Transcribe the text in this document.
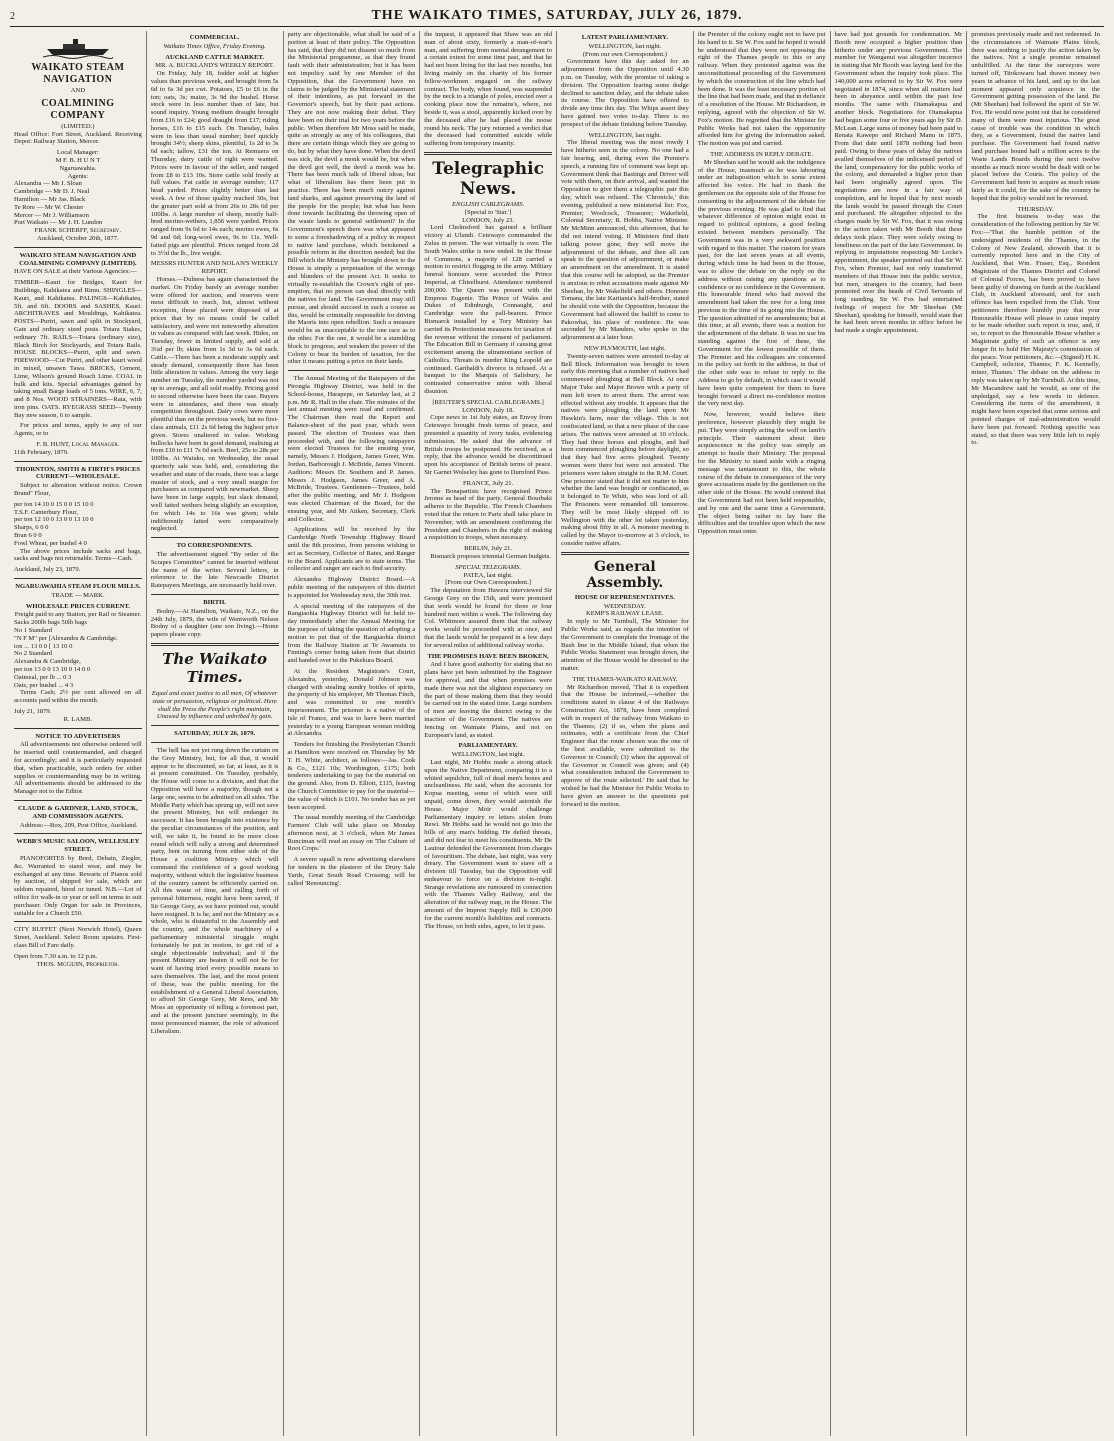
2	THE WAIKATO TIMES, SATURDAY, JULY 26, 1879.
WAIKATO STEAM NAVIGATION
AND
COALMINING COMPANY
(LIMITED.)

Head Office: Fort Street, Auckland. Receiving Depot: Railway Station, Mercer.

Local Manager:
M F. B. H U N T
Ngaruawahia.
Agents:
Alexandra — Mr J. Sloan
Cambridge — Mr D. J. Neal
Hamilton — Mr Jas. Black
Te Rore — Mr W. Chester
Mercer — Mr J. Williamson
Port Waikato — Mr J. H. Lundon
FRANK SCHERFF, Secretary.
Auckland, October 20th, 1877.
WAIKATO STEAM NAVIGATION AND COALMINING COMPANY (LIMITED).

HAVE ON SALE at their Various Agencies:—

TIMBER—Kauri for Bridges, Kauri for Buildings, Kahikatea and Rimu. SHINGLES—Kauri, and Kahikatea. PALINGS—Kahikatea, 5ft. and 6ft. DOORS and SASHES, Kauri. ARCHITRAVES and Mouldings, Kahikatea. POSTS—Puriri, sawn and split in Stockyard, Gate and ordinary sized posts. Totara Stakes, ordinary 7ft. RAILS—Totara (ordinary size), Black Birch for Stockyards, and Totara Rails. HOUSE BLOCKS—Puriri, split and sawn. FIREWOOD—Cut Puriri, and other kauri wood in mixed, unsawn Tawa. BRICKS, Cement, Lime, Wilson's ground Roach Lime. COAL in bulk and kits. Special advantages gained by taking small Barge loads of 5 tons. WIRE, 6, 7, and 8 Nos. WOOD STRAINERS—Rata, with iron pins. OATS. RYEGRASS SEED—Twenty Bay new season, 6 to sample.

For prices and terms, apply to any of our Agents, or to

F. B. HUNT, Local Manager.
11th February, 1879.
THORNTON, SMITH & FIRTH'S PRICES CURRENT—WHOLESALE.

Subject to alteration without notice. Crown Brand" Flour,

per ton 14 10 0 15 0 0 15 10 0
T.S.F. Canterbury Flour,
per ton 12 10 0 13 0 0 13 10 0
Sharps, 6 0 0
Bran 6 0 0
Fowl Wheat, per bushel 4 0

The above prices include sacks and bags, sacks and bags not returnable. Terms—Cash.

Auckland, July 23, 1879.
NGARUAWAHIA STEAM FLOUR MILLS.
TRADE — MARK.
WHOLESALE PRICES CURRENT.
Freight paid to any Station, per Rail or Steamer.
Sacks 200lb bags 50lb bags
No 1 Standard
"N F M" per [Alexandra & Cambridge.
ton ... 13 0 0 [ 13 10 0
No 2 Standard
Alexandra & Cambridge,
per ton 13 0 0 13 10 0 14 0 0
Oatmeal, per lb ... 0 3
Oats, per bushel ... 4 3

Terms Cash; 2½ per cent allowed on all accounts paid within the month.

July 21, 1879.
R. LAMB.
NOTICE TO ADVERTISERS

All advertisements not otherwise ordered will be inserted until countermanded, and charged for accordingly; and it is particularly requested that, when practicable, such orders for either supplies or countermanding may be in writing. All advertisements should be addressed to the Manager not to the Editor.

CLAUDE & GARDNER, LAND, STOCK, AND COMMISSION AGENTS.

Address:—Box, 209, Post Office, Auckland.

WEBB'S MUSIC SALOON, WELLESLEY STREET.

PIANOFORTES by Bord, Debain, Ziegler, &c. Warranted to stand wear, and may be exchanged at any time. Rewarts of Pianos sold by auction, of shipped for sale, which are seldom repaired, hired or tuned. N.B.—Lot of office for walk-in or year or sell on terms to suit purchaser. Only Organ for sale in Provinces, suitable for a Church £50.

CITY BUFFET (Next Norwich Hotel), Queen Street, Auckland. Select Room upstairs. First-class Bill of Fare daily.

Open from 7.30 a.m. to 12 p.m.
THOS. McGUIN, Proprietor.
COMMERCIAL.
Waikato Times Office, Friday Evening.
AUCKLAND CATTLE MARKET.
MR. A. BUCKLAND'S WEEKLY REPORT.

On Friday, July 18, fodder sold at higher values than previous week, and brought from 5s 6d to 6s 3d per cwt. Potatoes, £5 to £6 in the ton; oats, 3s; maize, 3s 9d the bushel. Horse stock were in less number than of late, but sound inquiry. Young medium draught brought from £16 to £24; good draught from £17; riding horses, £16 to £15 each. On Tuesday, bales were in less than usual number; beef quickly brought 34½; sheep skins, plentiful, 1s 2d to 3s 6d each; tallow, £31 the ton. At Remuera on Thursday, dairy cattle of right were wanted. Prices were in favour of the seller, and ranged from £8 to £13 10s. Store cattle sold freely at full values. Fat cattle in average number; 117 head yarded. Prices slightly better than last week. A few of those quality reached 30s, but the greater part sold at from 26s to 28s 6d per 100lbs. A large number of sheep, mostly half-bred merino-wethers, 1,856 were yarded. Prices ranged from 9s 6d to 14s each; merino ewes, 6s 9d and 6d; long-wool ewes, 9s to 11s. Well-fatted pigs are plentiful. Prices ranged from 2d to 3½d the lb., live weight.

MESSRS HUNTER AND NOLAN'S WEEKLY REPORT.

Horses.—Dulness has again characterised the market. On Friday barely an average number were offered for auction, and reserves were most difficult to reach, but, almost without exception, those placed were disposed of at prices that by no means could be called satisfactory, and were not noteworthy alteration in values as compared with last week. Hides, on Tuesday, fewer in limited supply, and sold at 3¼d per lb; skins from 1s 3d to 3s 6d each. Cattle.—There has been a moderate supply and steady demand, consequently there has been little alteration in values. Among the very large number on Tuesday, the number yarded was not up to average, and all sold readily. Pricing good to second otherwise have been the case. Buyers were in attendance, and there was steady competition throughout. Dairy cows were more plentiful than on the previous week, but no first-class animals, £11 2s 6d being the highest price given. Stores unaltered in value. Working bullocks have been in good demand, realising at from £10 to £11 7s 6d each. Beef, 25s to 28s per 100lbs. At Waiuku, on Wednesday, the usual quarterly sale was held, and, considering the weather and state of the roads, there was a large muster of stock, and a very small margin for purchasers as compared with newmarket. Sheep have been in large supply, but slack demand, well fatted wethers being slightly an exception, for which 14s to 16s was given; while indifferently fatted were comparatively neglected.

TO CORRESPONDENTS.

The advertisement signed "By order of the Scrapes Committee" cannot be inserted without the name of the writer. Several letters, in reference to the late Newcastle District Ratepayers Meetings, are necessarily held over.

BIRTH.

Bodny.—At Hamilton, Waikato, N.Z., on the 24th July, 1879, the wife of Wentworth Nelson Bodny of a daughter (one son living).—Home papers please copy.

The Waikato Times.
Equal and exact justice to all men, Of whatever state or persuasion, religious or political. Here shall the Press the People's right maintain, Unawed by influence and unbribed by gain.
SATURDAY, JULY 26, 1879.

The bell has not yet rung down the curtain on the Grey Ministry, but, for all that, it would appear to be discounted, so far, at least, as it is at present constituted. On Tuesday, probably, the House will come to a division, and that the Opposition will have a majority, though not a large one, seems to be admitted on all sides. The Middle Party which has sprung up, will not save the present Ministry, but will endanger its successor. It has been brought into existence by the peculiar circumstances of the position, and will, we take it, be found to be more close round which will rally a strong and determined party, bent on turning from either side of the House a coalition Ministry which will command the confidence of a good working majority, without which the legislative business of the country cannot be efficiently carried on. All this waste of time, and calling forth of personal bitterness, might have been saved, if Sir George Grey, as we have pointed out, would have resigned. It is he, and not the Ministry as a whole, who is distasteful to the Assembly and the country, and the whole machinery of a parliamentary ministerial struggle might fortunately be put in motion, to get rid of a single objectionable individual; and if the present Ministry are beaten it will not be for want of having tried every possible means to save themselves. The last, and the most potent of these, was the public meeting for the establishment of a General Liberal Association, to afford Sir George Grey, Mr Rees, and Mr Moss an opportunity of telling a foremost part, and at the present juncture seemingly, in the most pronounced manner, the role of advanced Liberalism.

party are objectionable, what shall be said of a portion at least of their policy. The Opposition has said, that they did not dissent so much from the Ministerial programme, as that they found fault with their administration; but it has been not impolicy said by one Member of the Opposition, that the Government have no claims to be judged by the Ministerial statement of their intentions, as put forward in the Governor's speech, but by their past actions. They are not now making their debut. They have been on their trial for two years before the public. When therefore Mr Moss said he made, quite as strongly as any of his colleagues, that there are certain things which they are going to do, but by what they have done. When the devil was sick, the devil a monk would be, but when the devil got well, the devil a monk was he. There has been much talk of liberal ideas, but what of liberalism has there been put in practice. There has been much outcry against land sharks, and against preserving the land of the people for the people; but what has been done towards facilitating the throwing open of the waste lands to general settlement? In the Government's speech there was what appeared to some a foreshadowing of a policy in respect to native land purchase, which betokened a possible reform in the direction needed; but the Bill which the Ministry has brought down to the House is simply a perpetuation of the wrongs and blunders of the present Act. It seeks to virtually re-establish the Crown's right of pre-emption, that no person can deal directly with the natives for land. The Government may still pursue, and should succeed in such a course as this, would be criminally responsible for driving the Maoris into open rebellion. Such a measure would be as unacceptable to the one race as to the other. For the one, it would be a stumbling block to progress, and weaken the power of the Colony to bear its burden of taxation, for the other it means putting a price on their lands.

The Annual Meeting of the Ratepayers of the Pirongia Highway District, was held in the School-house, Harapepe, on Saturday last, at 2 p.m. Mr R. Hall in the chair. The minutes of the last annual meeting were read and confirmed. The Chairman then read the Report and Balance-sheet of the past year, which were passed. The election of Trustees was then proceeded with, and the following ratepayers were elected Trustees for the ensuing year, namely, Messrs J. Hodgson, James Greer, Wm. Jordan, Barborough J. McBride, James Vincent. Auditors: Messrs Dr. Southern and P. James. Messrs J. Hodgson, James Greer, and A. McBride, Trustees. Gentlemen—Trustees, held after the public meeting, and Mr J. Hodgson was elected Chairman of the Board, for the ensuing year, and Mr Aitken, Secretary, Clerk and Collector.

Applications will be received by the Cambridge North Township Highway Board until the 8th proximo, from persons wishing to act as Secretary, Collector of Rates, and Ranger to the Board. Applicants are to state terms. The collector and ranger are each to find security.

Alexandra Highway District Board.—A public meeting of the ratepayers of this district is appointed for Wednesday next, the 30th inst.

A special meeting of the ratepayers of the Rangiaohia Highway District will be held to-day immediately after the Annual Meeting for the purpose of taking the question of adopting a motion to put that of the Rangiaohia district from the Railway Station at Te Awamutu to Finning's corner being taken from that district and handed over to the Pukekura Board.

At the Resident Magistrate's Court, Alexandra, yesterday, Donald Johnson was charged with stealing sundry bottles of spirits, the property of his employer, Mr Thomas Finch, and was committed to one month's imprisonment. The prisoner is a native of the Isle of France, and was to have been married yesterday to a young European woman residing at Alexandra.

Tenders for finishing the Presbyterian Church at Hamilton were received on Thursday by Mr T. H. White, architect, as follows:—Jas. Cook & Co., £121 10s; Worthington, £175; both tenderers undertaking to pay for the material on the ground. Also, from D. Elliott, £115, leaving the Church Committee to pay for the material—the value of which is £101. No tender has as yet been accepted.

The usual monthly meeting of the Cambridge Farmers' Club will take place on Monday afternoon next, at 3 o'clock, when Mr James Runciman will read an essay on 'The Culture of Root Crops.'

A severe squall is now advertising elsewhere for tenders in the plasterer of the Drury Sale Yards, Great South Road Crossing; will be called 'Renouncing'.

the inquest, it appeared that Shaw was an old man of about sixty, formerly a man-of-war's man, and suffering from mental derangement to a certain extent for some time past, and that he had not been living for the last two months, but living mainly on the charity of his former fellow-workmen engaged on the railway contract. The body, when found, was suspended by the neck to a triangle of poles, erected over a cooking place now the remains's, where, not beside it, was a stool, apparently kicked over by the deceased after he had placed the noose round his neck. The jury returned a verdict that the deceased had committed suicide while suffering from temporary insanity.

Telegraphic News.
ENGLISH CABLEGRAMS.
[Special to 'Star.']
LONDON, July 23.

Lord Chelmsford has gained a brilliant victory at Ulundi. Cetewayo commanded the Zulus in person. The war virtually is over. The South Wales strike is now ended. In the House of Commons, a majority of 128 carried a motion to restrict flogging in the army. Military funeral honours were accorded the Prince Imperial, at Chiselhurst. Attendance numbered 200,000. The Queen was present with the Empress Eugenie. The Prince of Wales and Dukes of Edinburgh, Connaught, and Cambridge were the pall-bearers. Prince Bismarck installed by a Tory Ministry has carried its Protectionist measures for taxation of the revenue without the consent of parliament. The Education Bill in Germany if causing great excitement among the ultramontane section of Catholics. Threats to murder King Leopold are continued. Garibaldi's divorce is refused. At a banquet to the Marquis of Salisbury, he contrasted conservative union with liberal disunion.

[REUTER'S SPECIAL CABLEGRAMS.]
LONDON, July 18.

Cope news to 1st July states, an Envoy from Cetewayo brought fresh terms of peace, and presented a quantity of ivory tusks, evidencing submission. He asked that the advance of British troops be postponed. He received, as a reply, that the advance would be discontinued upon his acceptance of British terms of peace. Sir Garnet Wolseley has gone to Durnford Pass.

FRANCE, July 21.

The Bonapartists have recognised Prince Jerome as head of the party. General Bourbaki adheres to the Republic. The French Chambers voted that the return to Paris shall take place in November, with an amendment confirming the President and Chambers in the right of making a requisition to troops, when necessary.

BERLIN, July 21.

Bismarck proposes triennial German budgets.

SPECIAL TELEGRAMS.
PATEA, last night.
[From our Own Correspondent.]

The deputation from Hawera interviewed Sir George Grey on the 15th, and were promised that work would be found for three or four hundred men within a week. The following day Col. Whitmore assured them that the railway works would be proceeded with at once, and that the lands would be prepared in a few days for several miles of additional railway works.

THE PROMISES HAVE BEEN BROKEN,

And I have good authority for stating that no plans have yet been submitted by the Engineer for approval, and that when promises were made there was not the slightest expectancy on the part of those making them that they would be carried out in the stated time. Large numbers of men are leaving the district owing to the inaction of the Government. The natives are fencing on Waimate Plains, and not on European's land, as stated.

PARLIAMENTARY.
WELLINGTON, last night.

Last night, Mr Hobbs made a strong attack upon the Native Department, comparing it to a whited sepulchre, full of dead men's bones and uncleanliness. He said, when the accounts for Kopua meeting, some of which were still unpaid, come down, they would astonish the House. Major Moir would challenge Parliamentary inquiry re letters stolen from Rewi. Mr Hobbs said he would not go into the bills of any man's bidding. He defied threats, and did not fear to meet his constituents. Mr De Lautour defended the Government from charges of favouritism. The debate, last night, was very dreary. The Government want to stave off a division till Tuesday, but the Opposition will endeavour to force on a division to-night. Strange revelations are rumoured in connection with the Thames Valley Railway, and the alteration of the railway map, in the House. The amount of the Imprest Supply Bill is £30,000 for the current month's liabilities and contracts. The House, on both sides, agree, to let it pass.

LATEST PARLIAMENTARY.
WELLINGTON, last night.
(From our own Correspondent.)

Government have this day asked for an adjournment from the Opposition until 4.30 p.m. on Tuesday, with the promise of taking a division. The Opposition fearing some dodge declined to sanction delay, and the debate takes its course. The Opposition have offered to divide any time this day. The Whips assert they have gained two votes to-day. There is no prospect of the debate finishing before Tuesday.

WELLINGTON, last night.

The liberal meeting was the most rowdy I have hitherto seen in the colony. No one had a fair hearing, and, during even the Premier's speech, a running fire of comment was kept up. Government think that Bastings and Driver will vote with them, on their arrival, and wanted the Opposition to give them a telegraphic pair this day, which was refused. The 'Chronicle,' this evening, published a new ministerial list: Fox, Premier; Woolcock, Treasurer; Wakefield, Colonial Secretary; R. Hobbs, Native Minister. Mr McMinn announced, this afternoon, that he did not intend voting. If Ministers find their talking power gone, they will move the adjournment of the debate, and then all can speak to the question of adjournment, or make an amendment on the amendment. It is stated that this course will be adopted, as the Premier is anxious to rebut accusations made against Mr Sheehan, by Mr Wakefield and others. Honoure Tomana, the late Karitania's half-brother, stated he should vote with the Opposition, because the Government had allowed the bailiff to come to Pakowhai, his place of residence. He was seconded by Mr Manders, who spoke to the adjournment at a later hour.

NEW PLYMOUTH, last night.

Twenty-seven natives were arrested to-day at Bell Block. Information was brought to town early this morning that a number of natives had commenced ploughing at Bell Block. At once Major Tuke and Major Brown with a party of men left town to arrest them. The arrest was effected without any trouble. It appears that the natives were ploughing the land upon Mr Hawkin's farm, near the village. This is not confiscated land, so that a new phase of the case arises. The natives were arrested at 10 o'clock. They had three horses and ploughs, and had been commenced ploughing before daylight, so that they had five acres ploughed. Twenty women were there but were not arrested. The prisoners were taken straight to the R.M. Court. One prisoner stated that it did not matter to him whether the land was bought or confiscated, as it belonged to Te Whiti, who was lord of all. The Prisoners were remanded till tomorrow. They will be most likely shipped off to Wellington with the other lot taken yesterday, making about fifty in all. A monster meeting is called by the Mayor to-morrow at 3 o'clock, to consider native affairs.

General Assembly.
HOUSE OF REPRESENTATIVES.
WEDNESDAY.
KEMP'S RAILWAY LEASE.

In reply to Mr Turnbull, The Minister for Public Works said, as regards the intention of the Government to complete the frontage of the Bush line in the Middle Island, that when the Public Works Statement was brought down, the attention of the House would be directed to the matter.

THE THAMES-WAIKATO RAILWAY.

Mr Richardson moved, 'That it is expedient that the House be informed,—whether the conditions stated in clause 4 of the Railways Construction Act, 1878, have been complied with in respect of the railway from Waikato to the Thames; (2) if so, when the plans and estimates, with a certificate from the Chief Engineer that the route chosen was the one of the best available, were submitted to the Governor in Council; (3) when the approval of the Governor in Council was given; and (4) what consideration induced the Government to approve of the route selected.' He said that he wished he had the Minister for Public Works to have given an answer to the questions put forward in the motion.

the Premier of the colony ought not to have put his hand to it. Sir W. Fox said he hoped it would be understood that they were not opposing the right of the Thames people to this or any railway. When they protested against was the unconstitutional proceeding of the Government by which the construction of the line which had been done. It was the least necessary portion of the line that had been made, and that in defiance of a resolution of the House. Mr Richardson, in replying, agreed with the objection of Sir W. Fox's motion. He regretted that the Minister for Public Works had not taken the opportunity afforded him for giving the information asked. The motion was put and carried.

THE ADDRESS IN REPLY DEBATE.

Mr Sheehan said he would ask the indulgence of the House, inasmuch as he was labouring under an indisposition which to some extent affected his voice. He had to thank the gentlemen on the opposite side of the House for consenting to the adjournment of the debate for the previous evening. He was glad to find that whatever difference of opinion might exist in regard to political opinions, a good feeling existed between members personally. The Government was in a very awkward position with regard to this matter. The custom for years past, for the last seven years at all events, during which time he had been in the House, was to allow the debate on the reply on the address without raising any questions as to confidence or no confidence in the Government. His honourable friend who had moved the amendment had taken the new for a long time previous to the time of its going into the House. The question admitted of no amendments; but at this time, at all events, there was a motion for the adjournment of the debate. It was no use his standing against the first of these, the Government for the lowest possible of them. The Premier and his colleagues are concerned in the policy set forth in the address, in that of the other side was to refuse to reply to the Address to go by default, in which case it would have been quite competent for them to have brought forward a direct no-confidence motion the very next day.

Now, however, would believe their preference, however plausibly they might be put. They were simply acting the wolf on lamb's principle. Their statement about their acquiescence in the policy was simply an attempt to hustle their Ministry. The proposal for the Ministry to stand aside with a ringing message was tantamount to this, the whole course of the debate in consequence of the very grave accusations made by the gentlemen on the other side of the House. He would contend that the Government had not been held responsible, and by one and the same time a Government. The object being rather to lay bare the difficulties and the troubles upon which the new Opposition must enter.

have had just grounds for condemnation. Mr Booth now occupied a higher position than hitherto under any previous Government. The member for Wanganui was altogether incorrect in stating that Mr Booth was laying land for the Government when the inquiry took place. The 140,000 acres referred to by Sir W. Fox were negotiated in 1874, since when all matters had been in abeyance until within the past few months. The same with Otamakapua and another block. Negotiations for Otamakapua had begun some four or five years ago by Sir D. McLean. Large sums of money had been paid to Renata Kawepo and Richard Manu in 1875. From that date until 1878 nothing had been paid. Owing to these years of delay the natives availed themselves of the unlicensed period of the land, compensatory for the public works of the colony, and demanded a higher price than had been originally agreed upon. The negotiations are now in a fair way of completion, and he hoped that by next month the lands would be passed through the Court and purchased. He altogether objected to the charges made by Sir W. Fox, that it was owing to the action taken with Mr Booth that these delays took place. They were solely owing to loneliness on the part of the late Government. In replying to imputations respecting Mr Locke's appointment, the speaker pointed out that Sir W. Fox, when Premier, had not only transferred members of that House into the public service, but men, strangers to the country, had been promoted over the heads of Civil Servants of long standing. Sir W. Fox had entertained feelings of respect for Mr Sheehan (Mr Sheehan), speaking for himself, would state that he had been seven months in office before he had made a single appointment.

promises previously made and not redeemed. In the circumstances of Waimate Plains block, there was nothing to justify the action taken by the natives. Not a single promise remained unfulfilled. At the time the surveyors were turned off, Titokowaru had drawn money two years in advance of his land, and up to the last moment appeared only acquiesce in the Government getting possession of the land. He (Mr Sheehan) had followed the spirit of Sir W. Fox. He would now point out that he considered many of them were most injurious. The great cause of trouble was the condition in which they, as a Government, found the native land purchase. The Government had found native land purchase bound half a million acres to the Waste Lands Boards during the next twelve months as much more would be dealt with or be placed before the Courts. The policy of the Government had been to acquire as much estate fairly as it could, for the sake of the country he hoped that the policy would not be reversed.

THURSDAY.

The first business to-day was the consideration of the following petition by Sir W. Fox:—'That the humble petition of the undersigned residents of the Thames, in the Colony of New Zealand, showeth that it is currently reported here and in the City of Auckland, that Wm. Fraser, Esq., Resident Magistrate of the Thames District and Colonel of Colonial Forces, has been proved to have been guilty of drawing on funds at the Auckland Club, in Auckland aforesaid, and for such offence has been expelled from the Club. Your petitioners therefore humbly pray that your Honourable House will please to cause inquiry to be made whether such report is true, and, if so, to report to the Honourable House whether a Magistrate guilty of such an offence is any longer fit to hold Her Majesty's commission of the peace. Your petitioners, &c.—(Signed) H. K. Campbell, solicitor, Thames; F. K. Kennelly, miner, Thames.' The debate on the address in reply was taken up by Mr Turnbull. At this time, Mr Macandrew said he would, as one of the unpledged, say a few words in defence. Considering the turns of the amendment, it might have been expected that some serious and pointed charges of mal-administration would have been put forward. Nothing specific was stated, so that there was very little left to reply to.
